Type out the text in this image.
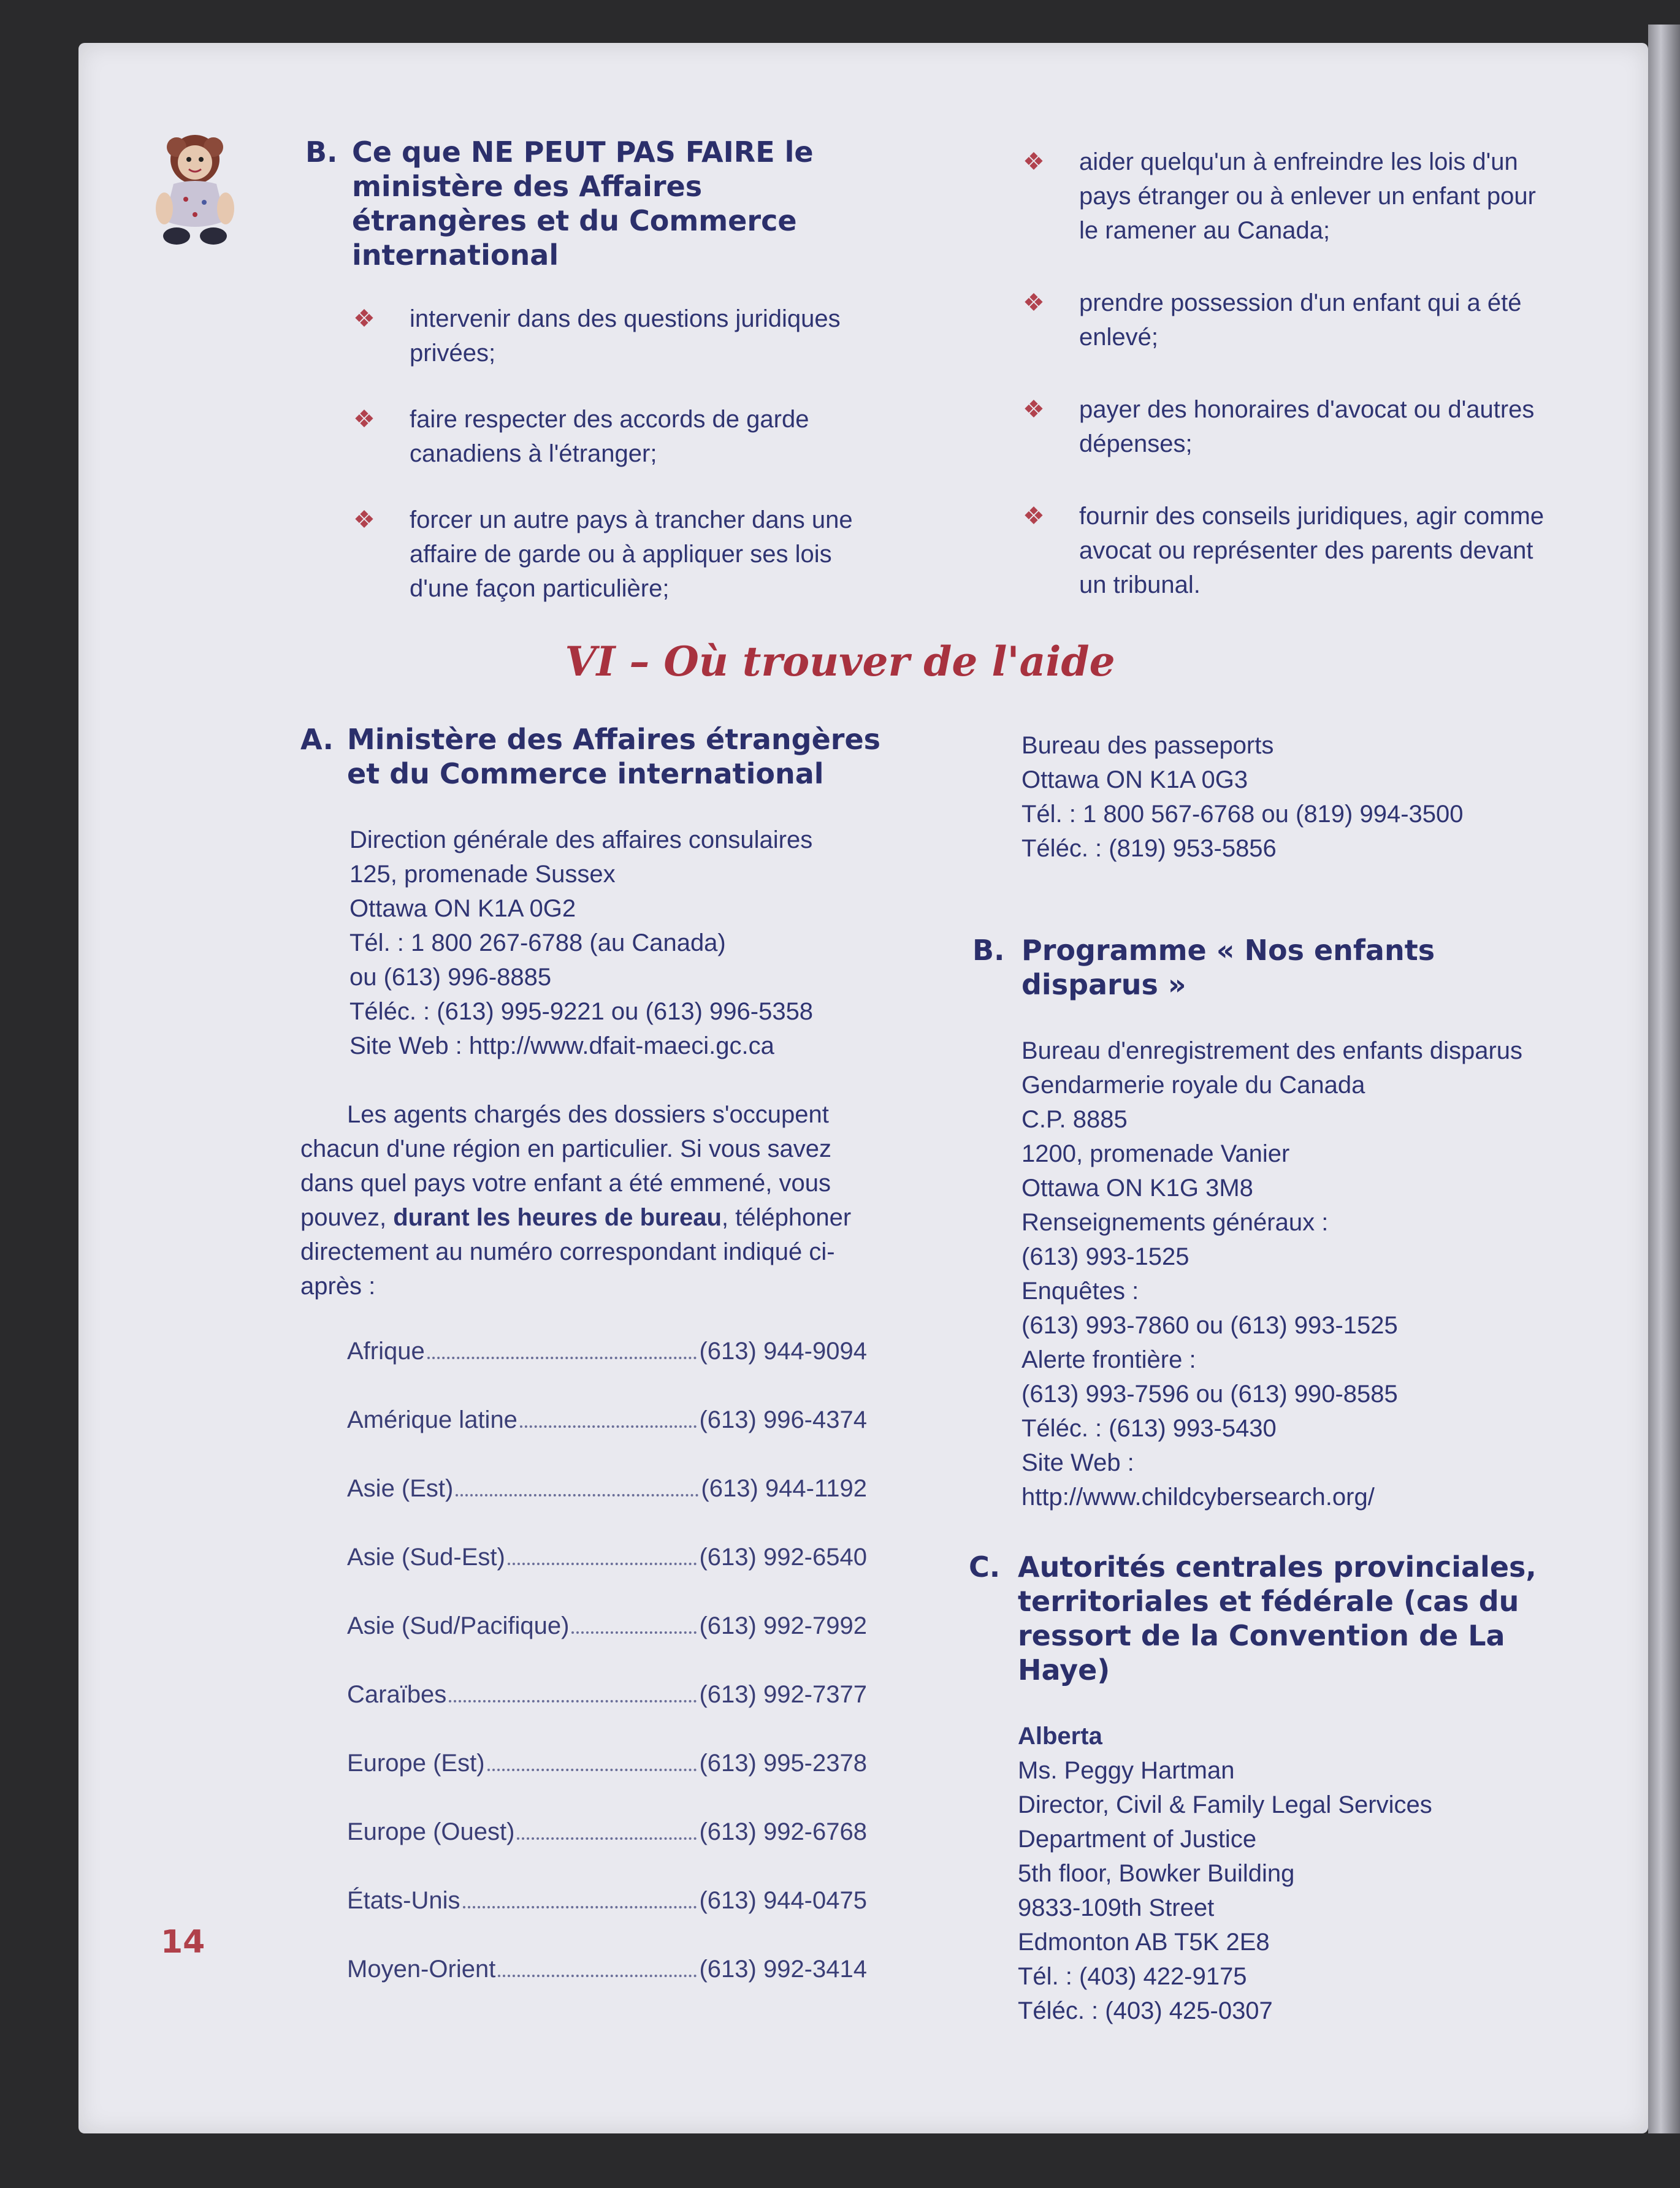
B. Ce que NE PEUT PAS FAIRE le ministère des Affaires étrangères et du Commerce international
❖	intervenir dans des questions juridiques privées;
❖	faire respecter des accords de garde canadiens à l'étranger;
❖	forcer un autre pays à trancher dans une affaire de garde ou à appliquer ses lois d'une façon particulière;
❖	aider quelqu'un à enfreindre les lois d'un pays étranger ou à enlever un enfant pour le ramener au Canada;
❖	prendre possession d'un enfant qui a été enlevé;
❖	payer des honoraires d'avocat ou d'autres dépenses;
❖	fournir des conseils juridiques, agir comme avocat ou représenter des parents devant un tribunal.
VI – Où trouver de l'aide
A. Ministère des Affaires étrangères et du Commerce international
Direction générale des affaires consulaires
125, promenade Sussex
Ottawa ON K1A 0G2
Tél. : 1 800 267-6788 (au Canada)
ou (613) 996-8885
Téléc. : (613) 995-9221 ou (613) 996-5358
Site Web : http://www.dfait-maeci.gc.ca

Les agents chargés des dossiers s'occupent chacun d'une région en particulier. Si vous savez dans quel pays votre enfant a été emmené, vous pouvez, durant les heures de bureau, téléphoner directement au numéro correspondant indiqué ci-après :

Afrique	(613) 944-9094
Amérique latine	(613) 996-4374
Asie (Est)	(613) 944-1192
Asie (Sud-Est)	(613) 992-6540
Asie (Sud/Pacifique)	(613) 992-7992
Caraïbes	(613) 992-7377
Europe (Est)	(613) 995-2378
Europe (Ouest)	(613) 992-6768
États-Unis	(613) 944-0475
Moyen-Orient	(613) 992-3414
Bureau des passeports
Ottawa ON K1A 0G3
Tél. : 1 800 567-6768 ou (819) 994-3500
Téléc. : (819) 953-5856
B. Programme « Nos enfants disparus »
Bureau d'enregistrement des enfants disparus
Gendarmerie royale du Canada
C.P. 8885
1200, promenade Vanier
Ottawa ON K1G 3M8
Renseignements généraux :
(613) 993-1525
Enquêtes :
(613) 993-7860 ou (613) 993-1525
Alerte frontière :
(613) 993-7596 ou (613) 990-8585
Téléc. : (613) 993-5430
Site Web :
http://www.childcybersearch.org/
C. Autorités centrales provinciales, territoriales et fédérale (cas du ressort de la Convention de La Haye)
Alberta
Ms. Peggy Hartman
Director, Civil & Family Legal Services
Department of Justice
5th floor, Bowker Building
9833-109th Street
Edmonton AB T5K 2E8
Tél. : (403) 422-9175
Téléc. : (403) 425-0307
14
